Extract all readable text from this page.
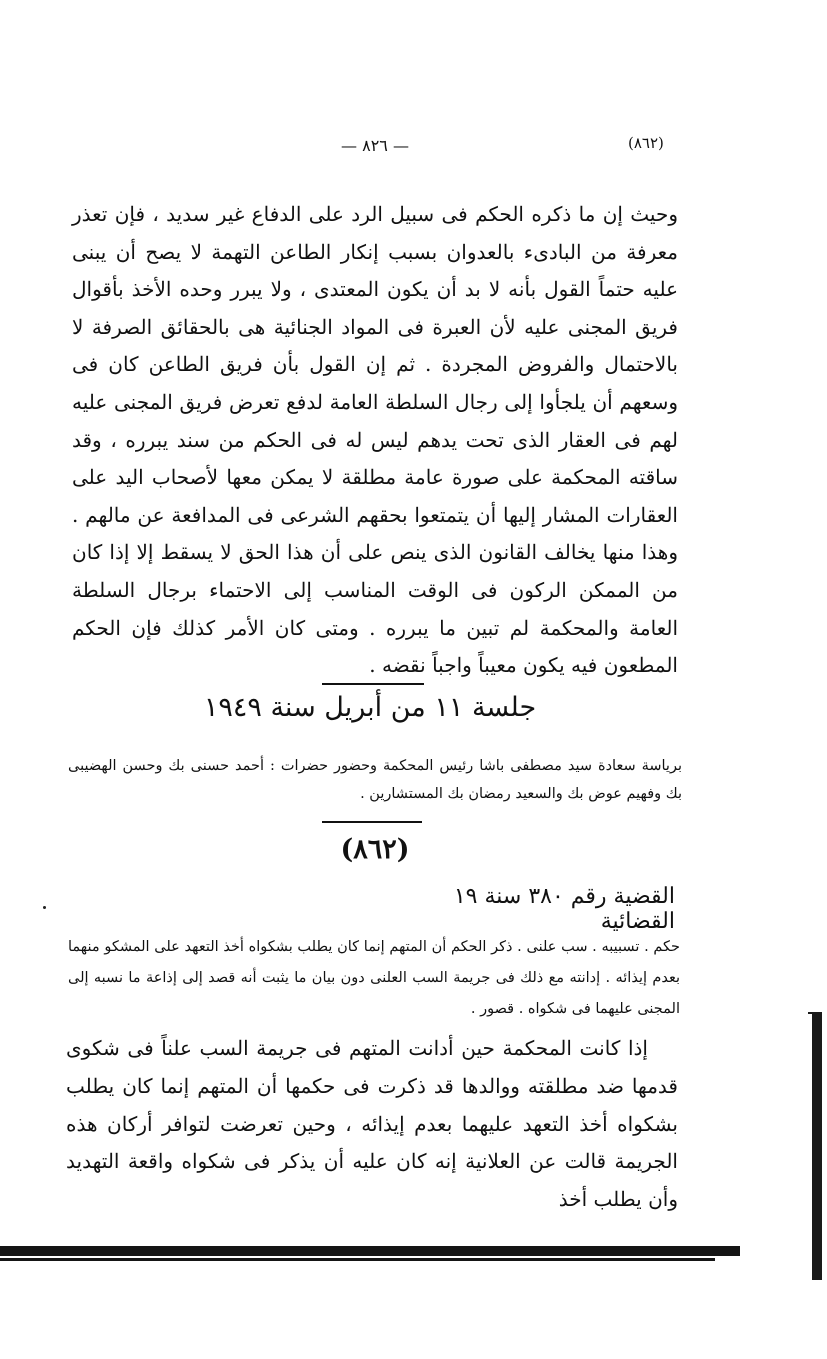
(٨٦٢)
— ٨٢٦ —

وحيث إن ما ذكره الحكم فى سبيل الرد على الدفاع غير سديد ، فإن تعذر معرفة من البادىء بالعدوان بسبب إنكار الطاعن التهمة لا يصح أن يبنى عليه حتماً القول بأنه لا بد أن يكون المعتدى ، ولا يبرر وحده الأخذ بأقوال فريق المجنى عليه لأن العبرة فى المواد الجنائية هى بالحقائق الصرفة لا بالاحتمال والفروض المجردة . ثم إن القول بأن فريق الطاعن كان فى وسعهم أن يلجأوا إلى رجال السلطة العامة لدفع تعرض فريق المجنى عليه لهم فى العقار الذى تحت يدهم ليس له فى الحكم من سند يبرره ، وقد ساقته المحكمة على صورة عامة مطلقة لا يمكن معها لأصحاب اليد على العقارات المشار إليها أن يتمتعوا بحقهم الشرعى فى المدافعة عن مالهم . وهذا منها يخالف القانون الذى ينص على أن هذا الحق لا يسقط إلا إذا كان من الممكن الركون فى الوقت المناسب إلى الاحتماء برجال السلطة العامة والمحكمة لم تبين ما يبرره . ومتى كان الأمر كذلك فإن الحكم المطعون فيه يكون معيباً واجباً نقضه .

جلسة ١١ من أبريل سنة ١٩٤٩
برياسة سعادة سيد مصطفى باشا رئيس المحكمة وحضور حضرات : أحمد حسنى بك وحسن الهضيبى بك وفهيم عوض بك والسعيد رمضان بك المستشارين .
(٨٦٢)
القضية رقم ٣٨٠ سنة ١٩ القضائية
حكم . تسبيبه . سب علنى . ذكر الحكم أن المتهم إنما كان يطلب بشكواه أخذ التعهد على المشكو منهما بعدم إيذائه . إدانته مع ذلك فى جريمة السب العلنى دون بيان ما يثبت أنه قصد إلى إذاعة ما نسبه إلى المجنى عليهما فى شكواه . قصور .

إذا كانت المحكمة حين أدانت المتهم فى جريمة السب علناً فى شكوى قدمها ضد مطلقته ووالدها قد ذكرت فى حكمها أن المتهم إنما كان يطلب بشكواه أخذ التعهد عليهما بعدم إيذائه ، وحين تعرضت لتوافر أركان هذه الجريمة قالت عن العلانية إنه كان عليه أن يذكر فى شكواه واقعة التهديد وأن يطلب أخذ
